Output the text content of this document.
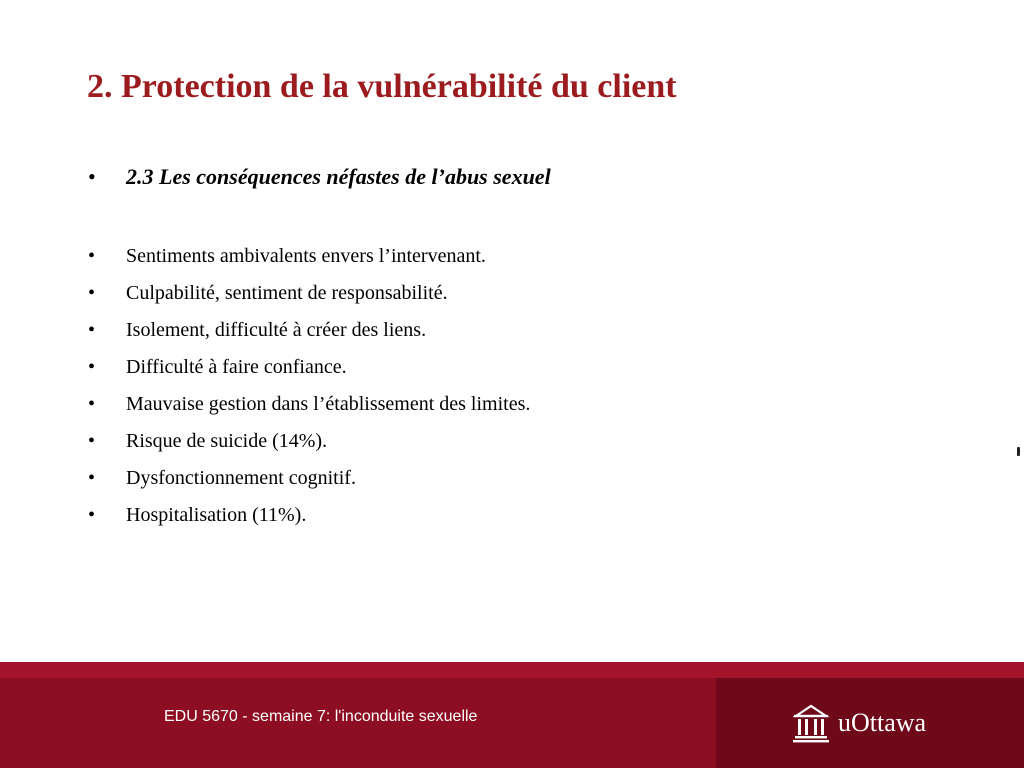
2. Protection de la vulnérabilité du client
• 2.3 Les conséquences néfastes de l’abus sexuel
• Sentiments ambivalents envers l’intervenant.
• Culpabilité, sentiment de responsabilité.
• Isolement, difficulté à créer des liens.
• Difficulté à faire confiance.
• Mauvaise gestion dans l’établissement des limites.
• Risque de suicide (14%).
• Dysfonctionnement cognitif.
• Hospitalisation (11%).
EDU 5670 - semaine 7: l'inconduite sexuelle	uOttawa
